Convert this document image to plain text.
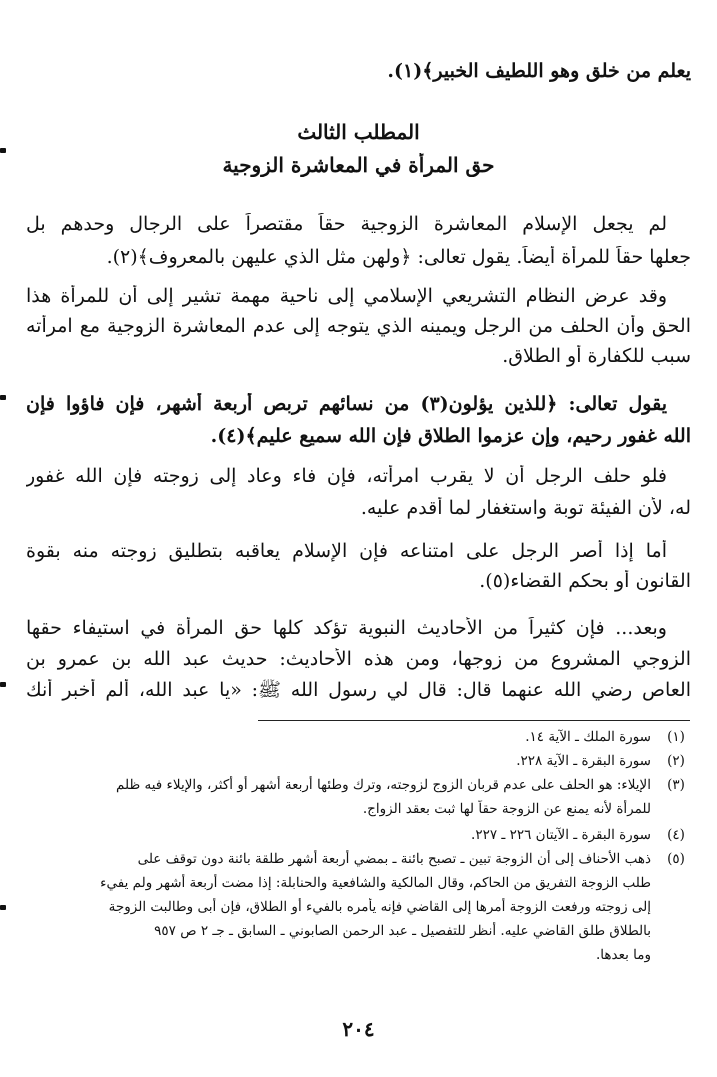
يعلم من خلق وهو اللطيف الخبير﴾(١).
المطلب الثالث
حق المرأة في المعاشرة الزوجية
لم يجعل الإسلام المعاشرة الزوجية حقاً مقتصراً على الرجال وحدهم بل
جعلها حقاً للمرأة أيضاً. يقول تعالى: ﴿ولهن مثل الذي عليهن بالمعروف﴾(٢).
وقد عرض النظام التشريعي الإسلامي إلى ناحية مهمة تشير إلى أن للمرأة هذا
الحق وأن الحلف من الرجل ويمينه الذي يتوجه إلى عدم المعاشرة الزوجية مع امرأته
سبب للكفارة أو الطلاق.
يقول تعالى: ﴿للذين يؤلون(٣) من نسائهم تربص أربعة أشهر، فإن فاؤوا فإن
الله غفور رحيم، وإن عزموا الطلاق فإن الله سميع عليم﴾(٤).
فلو حلف الرجل أن لا يقرب امرأته، فإن فاء وعاد إلى زوجته فإن الله غفور
له، لأن الفيئة توبة واستغفار لما أقدم عليه.
أما إذا أصر الرجل على امتناعه فإن الإسلام يعاقبه بتطليق زوجته منه بقوة
القانون أو بحكم القضاء(٥).
وبعد... فإن كثيراً من الأحاديث النبوية تؤكد كلها حق المرأة في استيفاء حقها
الزوجي المشروع من زوجها، ومن هذه الأحاديث: حديث عبد الله بن عمرو بن
العاص رضي الله عنهما قال: قال لي رسول الله ﷺ: «يا عبد الله، ألم أُخبر أنك
(١)
سورة الملك ـ الآية ١٤.
(٢)
سورة البقرة ـ الآية ٢٢٨.
(٣)
الإيلاء: هو الحلف على عدم قربان الزوج لزوجته، وترك وطئها أربعة أشهر أو أكثر، والإيلاء فيه ظلم
للمرأة لأنه يمنع عن الزوجة حقاً لها ثبت بعقد الزواج.
(٤)
سورة البقرة ـ الآيتان ٢٢٦ ـ ٢٢٧.
(٥)
ذهب الأحناف إلى أن الزوجة تبين ـ تصبح بائنة ـ بمضي أربعة أشهر طلقة بائنة دون توقف على
طلب الزوجة التفريق من الحاكم، وقال المالكية والشافعية والحنابلة: إذا مضت أربعة أشهر ولم يفيء
إلى زوجته ورفعت الزوجة أمرها إلى القاضي فإنه يأمره بالفيء أو الطلاق، فإن أبى وطالبت الزوجة
بالطلاق طلق القاضي عليه. أنظر للتفصيل ـ عبد الرحمن الصابوني ـ السابق ـ جـ ٢ ص ٩٥٧
وما بعدها.
٢٠٤
